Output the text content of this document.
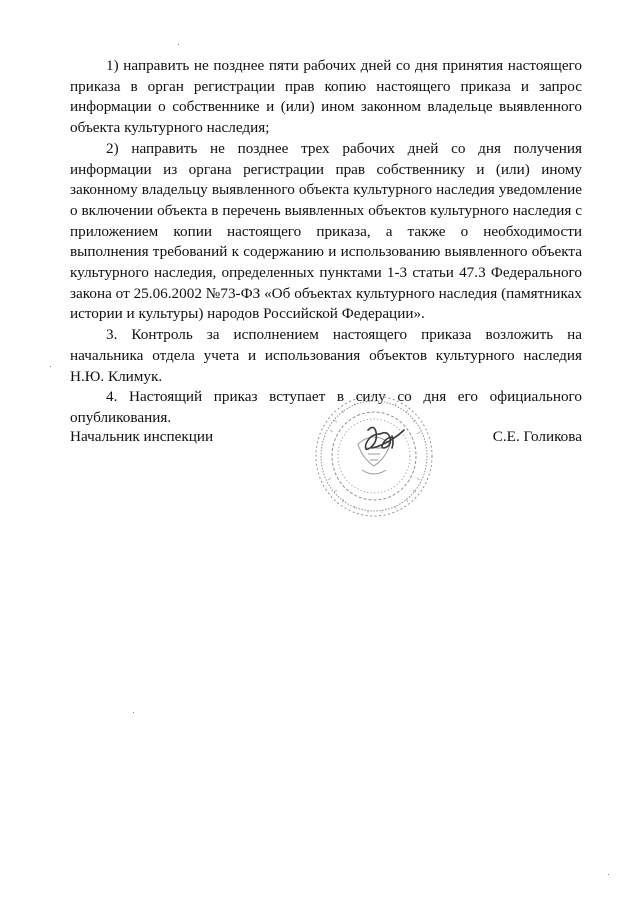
1) направить не позднее пяти рабочих дней со дня принятия настоящего приказа в орган регистрации прав копию настоящего приказа и запрос информации о собственнике и (или) ином законном владельце выявленного объекта культурного наследия;

2) направить не позднее трех рабочих дней со дня получения информации из органа регистрации прав собственнику и (или) иному законному владельцу выявленного объекта культурного наследия уведомление о включении объекта в перечень выявленных объектов культурного наследия с приложением копии настоящего приказа, а также о необходимости выполнения требований к содержанию и использованию выявленного объекта культурного наследия, определенных пунктами 1-3 статьи 47.3 Федерального закона от 25.06.2002 №73-ФЗ «Об объектах культурного наследия (памятниках истории и культуры) народов Российской Федерации».

3. Контроль за исполнением настоящего приказа возложить на начальника отдела учета и использования объектов культурного наследия Н.Ю. Климук.

4. Настоящий приказ вступает в силу со дня его официального опубликования.

Начальник инспекции	С.Е. Голикова
